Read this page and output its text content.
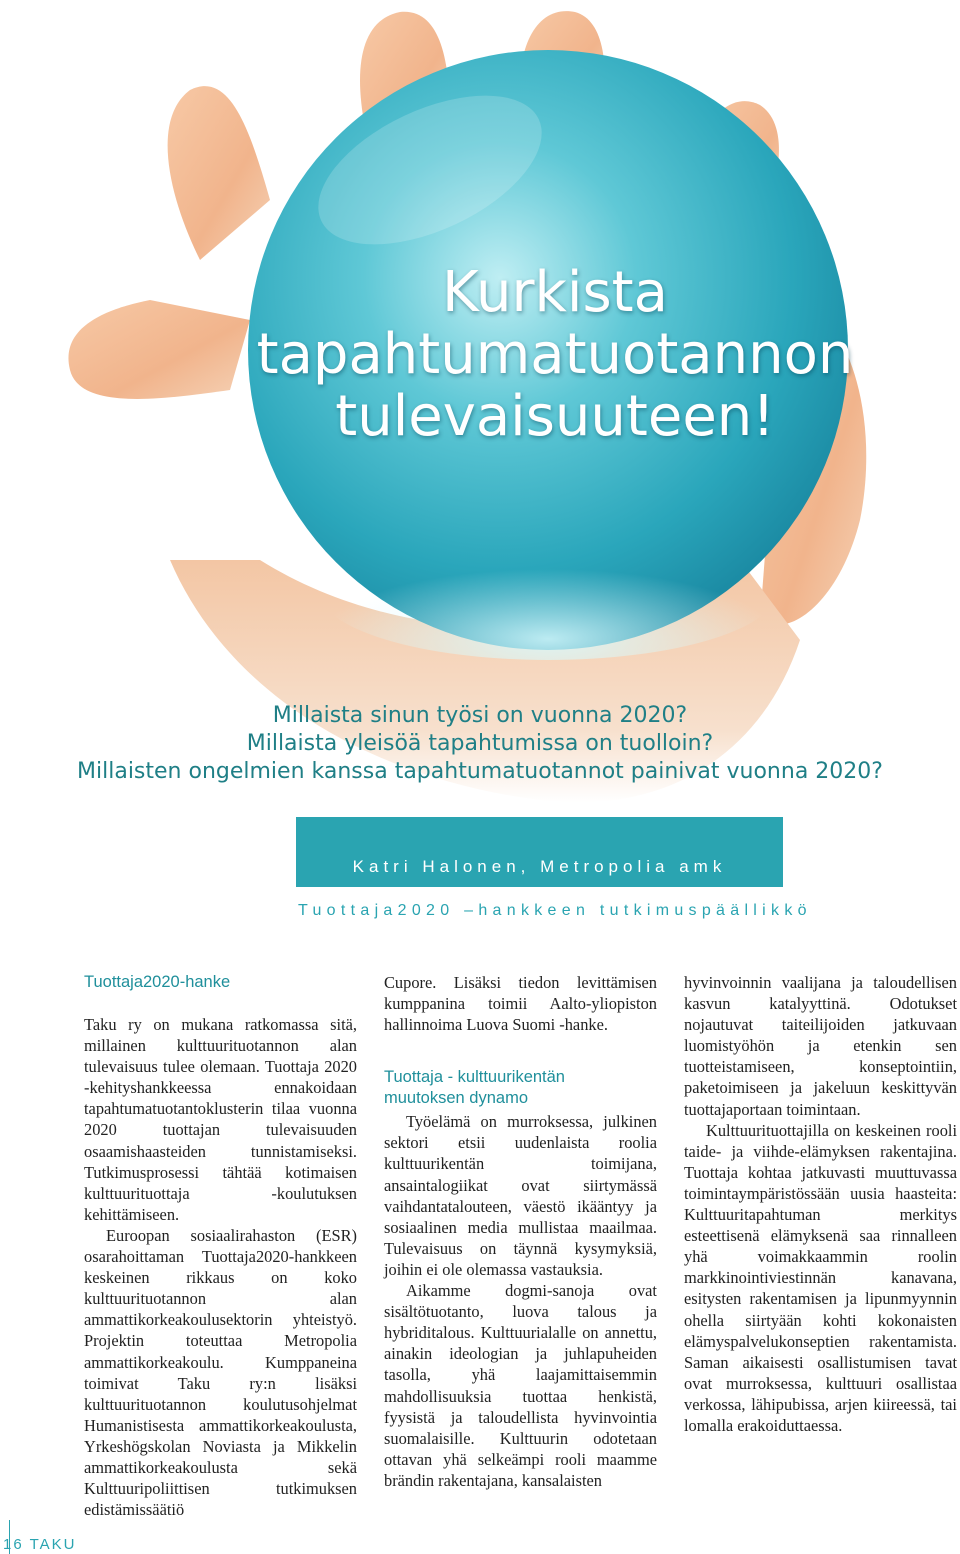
Kurkista
tapahtumatuotannon
tulevaisuuteen!
Millaista sinun työsi on vuonna 2020?
Millaista yleisöä tapahtumissa on tuolloin?
Millaisten ongelmien kanssa tapahtumatuotannot painivat vuonna 2020?
Katri Halonen, Metropolia amk
Tuottaja2020 –hankkeen tutkimuspäällikkö
Tuottaja2020-hanke

Taku ry on mukana ratkomassa sitä, millainen kulttuurituotannon alan tulevaisuus tulee olemaan. Tuottaja 2020 -kehityshankkeessa ennakoidaan tapahtumatuotantoklusterin tilaa vuonna 2020 tuottajan tulevaisuuden osaamishaasteiden tunnistamiseksi. Tutkimusprosessi tähtää kotimaisen kulttuurituottaja -koulutuksen kehittämiseen.

Euroopan sosiaalirahaston (ESR) osarahoittaman Tuottaja2020-hankkeen keskeinen rikkaus on koko kulttuurituotannon alan ammattikorkeakoulusektorin yhteistyö. Projektin toteuttaa Metropolia ammattikorkeakoulu. Kumppaneina toimivat Taku ry:n lisäksi kulttuurituotannon koulutusohjelmat Humanistisesta ammattikorkeakoulusta, Yrkeshögskolan Noviasta ja Mikkelin ammattikorkeakoulusta sekä Kulttuuripoliittisen tutkimuksen edistämissäätiö

Cupore. Lisäksi tiedon levittämisen kumppanina toimii Aalto-yliopiston hallinnoima Luova Suomi -hanke.

Tuottaja - kulttuurikentän
muutoksen dynamo

Työelämä on murroksessa, julkinen sektori etsii uudenlaista roolia kulttuurikentän toimijana, ansaintalogiikat ovat siirtymässä vaihdantatalouteen, väestö ikääntyy ja sosiaalinen media mullistaa maailmaa. Tulevaisuus on täynnä kysymyksiä, joihin ei ole olemassa vastauksia.

Aikamme dogmi-sanoja ovat sisältötuotanto, luova talous ja hybriditalous. Kulttuurialalle on annettu, ainakin ideologian ja juhlapuheiden tasolla, yhä laajamittaisemmin mahdollisuuksia tuottaa henkistä, fyysistä ja taloudellista hyvinvointia suomalaisille. Kulttuurin odotetaan ottavan yhä selkeämpi rooli maamme brändin rakentajana, kansalaisten

hyvinvoinnin vaalijana ja taloudellisen kasvun katalyyttinä. Odotukset nojautuvat taiteilijoiden jatkuvaan luomistyöhön ja etenkin sen tuotteistamiseen, konseptointiin, paketoimiseen ja jakeluun keskittyvän tuottajaportaan toimintaan.

Kulttuurituottajilla on keskeinen rooli taide- ja viihde-elämyksen rakentajina. Tuottaja kohtaa jatkuvasti muuttuvassa toimintaympäristössään uusia haasteita: Kulttuuritapahtuman merkitys esteettisenä elämyksenä saa rinnalleen yhä voimakkaammin roolin markkinointiviestinnän kanavana, esitysten rakentamisen ja lipunmyynnin ohella siirtyään kohti kokonaisten elämyspalvelukonseptien rakentamista. Saman aikaisesti osallistumisen tavat ovat murroksessa, kulttuuri osallistaa verkossa, lähipubissa, arjen kiireessä, tai lomalla erakoiduttaessa.

16 TAKU
